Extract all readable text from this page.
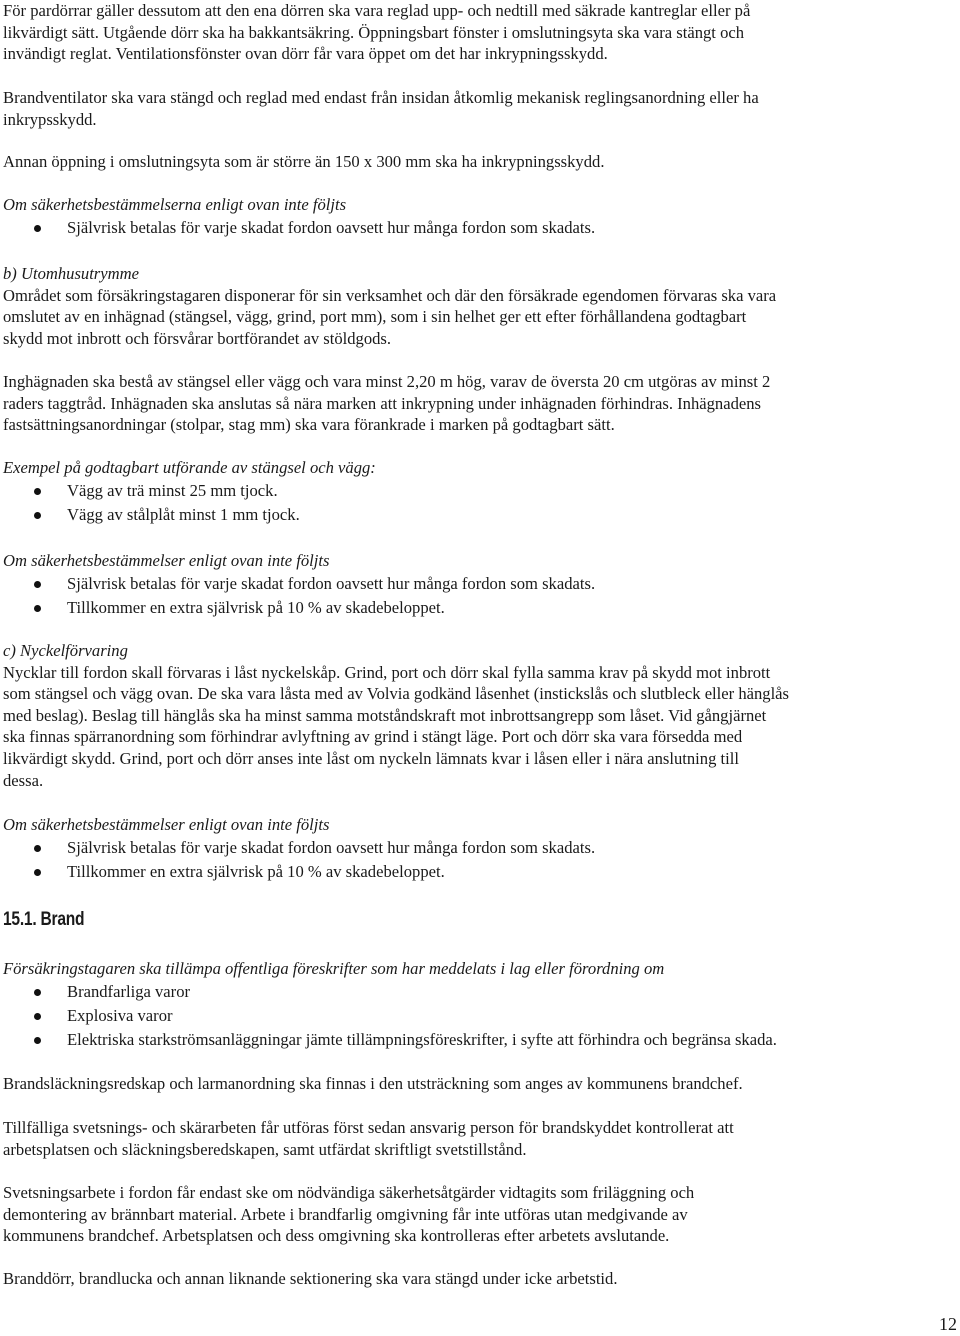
För pardörrar gäller dessutom att den ena dörren ska vara reglad upp- och nedtill med säkrade kantreglar eller på

likvärdigt sätt. Utgående dörr ska ha bakkantsäkring. Öppningsbart fönster i omslutningsyta ska vara stängt och

invändigt reglat. Ventilationsfönster ovan dörr får vara öppet om det har inkrypningsskydd.

Brandventilator ska vara stängd och reglad med endast från insidan åtkomlig mekanisk reglingsanordning eller ha

inkrypsskydd.

Annan öppning i omslutningsyta som är större än 150 x 300 mm ska ha inkrypningsskydd.

Om säkerhetsbestämmelserna enligt ovan inte följts

Självrisk betalas för varje skadat fordon oavsett hur många fordon som skadats.

b) Utomhusutrymme

Området som försäkringstagaren disponerar för sin verksamhet och där den försäkrade egendomen förvaras ska vara

omslutet av en inhägnad (stängsel, vägg, grind, port mm), som i sin helhet ger ett efter förhållandena godtagbart

skydd mot inbrott och försvårar bortförandet av stöldgods.

Inghägnaden ska bestå av stängsel eller vägg och vara minst 2,20 m hög, varav de översta 20 cm utgöras av minst 2

raders taggtråd. Inhägnaden ska anslutas så nära marken att inkrypning under inhägnaden förhindras. Inhägnadens

fastsättningsanordningar (stolpar, stag mm) ska vara förankrade i marken på godtagbart sätt.

Exempel på godtagbart utförande av stängsel och vägg:

Vägg av trä minst 25 mm tjock.
Vägg av stålplåt minst 1 mm tjock.

Om säkerhetsbestämmelser enligt ovan inte följts

Självrisk betalas för varje skadat fordon oavsett hur många fordon som skadats.
Tillkommer en extra självrisk på 10 % av skadebeloppet.

c) Nyckelförvaring

Nycklar till fordon skall förvaras i låst nyckelskåp. Grind, port och dörr skal fylla samma krav på skydd mot inbrott

som stängsel och vägg ovan. De ska vara låsta med av Volvia godkänd låsenhet (instickslås och slutbleck eller hänglås

med beslag). Beslag till hänglås ska ha minst samma motståndskraft mot inbrottsangrepp som låset. Vid gångjärnet

ska finnas spärranordning som förhindrar avlyftning av grind i stängt läge. Port och dörr ska vara försedda med

likvärdigt skydd. Grind, port och dörr anses inte låst om nyckeln lämnats kvar i låsen eller i nära anslutning till

dessa.

Om säkerhetsbestämmelser enligt ovan inte följts

Självrisk betalas för varje skadat fordon oavsett hur många fordon som skadats.
Tillkommer en extra självrisk på 10 % av skadebeloppet.

15.1. Brand

Försäkringstagaren ska tillämpa offentliga föreskrifter som har meddelats i lag eller förordning om

Brandfarliga varor
Explosiva varor
Elektriska starkströmsanläggningar jämte tillämpningsföreskrifter, i syfte att förhindra och begränsa skada.

Brandsläckningsredskap och larmanordning ska finnas i den utsträckning som anges av kommunens brandchef.

Tillfälliga svetsnings- och skärarbeten får utföras först sedan ansvarig person för brandskyddet kontrollerat att

arbetsplatsen och släckningsberedskapen, samt utfärdat skriftligt svetstillstånd.

Svetsningsarbete i fordon får endast ske om nödvändiga säkerhetsåtgärder vidtagits som friläggning och

demontering av brännbart material. Arbete i brandfarlig omgivning får inte utföras utan medgivande av

kommunens brandchef. Arbetsplatsen och dess omgivning ska kontrolleras efter arbetets avslutande.

Branddörr, brandlucka och annan liknande sektionering ska vara stängd under icke arbetstid.

12
